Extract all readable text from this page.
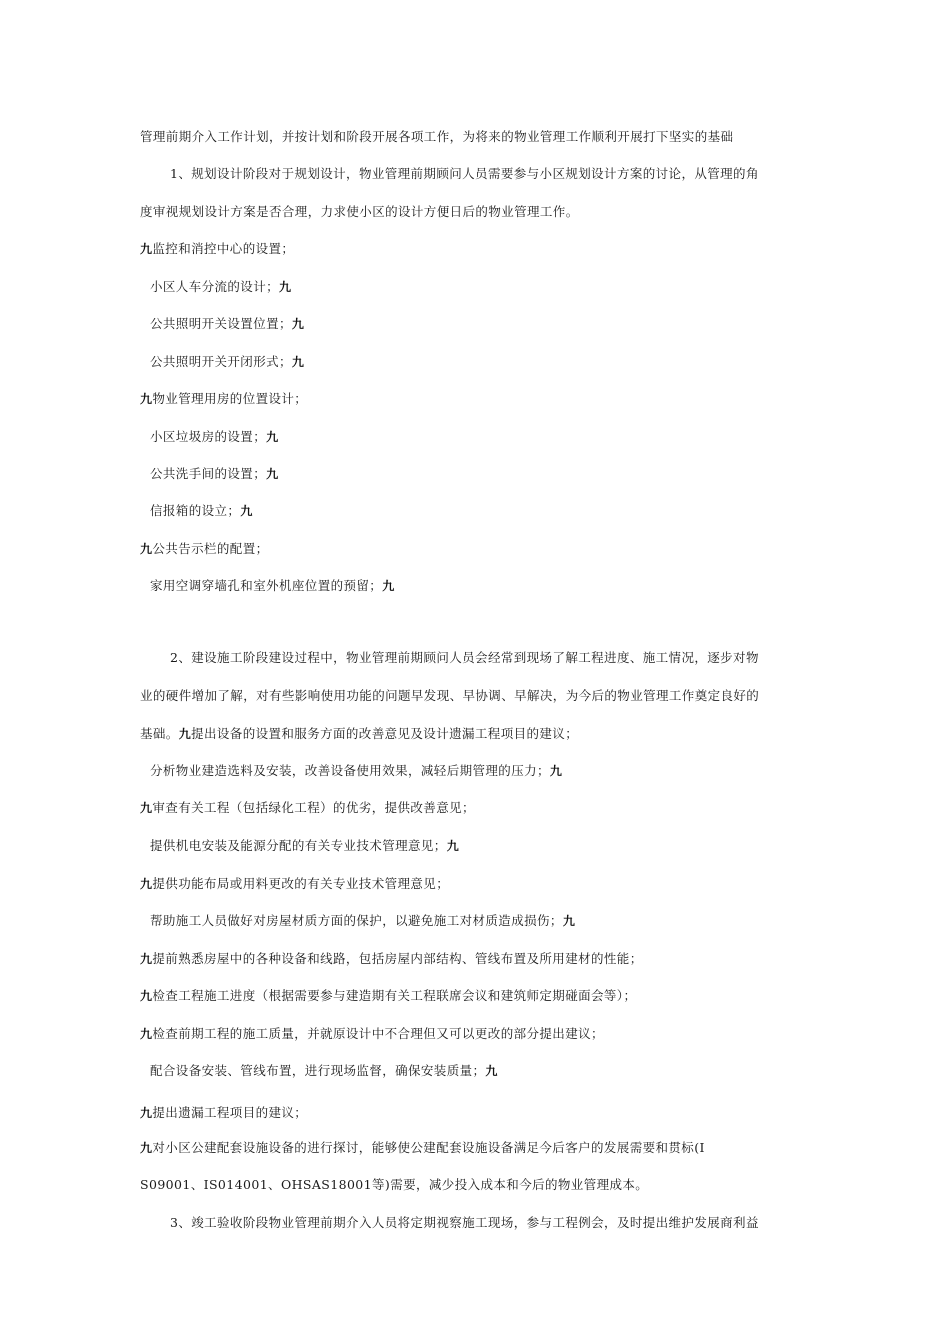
管理前期介入工作计划，并按计划和阶段开展各项工作，为将来的物业管理工作顺利开展打下坚实的基础
1、规划设计阶段对于规划设计，物业管理前期顾问人员需要参与小区规划设计方案的讨论，从管理的角
度审视规划设计方案是否合理，力求使小区的设计方便日后的物业管理工作。
九监控和消控中心的设置；
小区人车分流的设计；九
公共照明开关设置位置；九
公共照明开关开闭形式；九
九物业管理用房的位置设计；
小区垃圾房的设置；九
公共洗手间的设置；九
信报箱的设立；九
九公共告示栏的配置；
家用空调穿墙孔和室外机座位置的预留；九
2、建设施工阶段建设过程中，物业管理前期顾问人员会经常到现场了解工程进度、施工情况，逐步对物
业的硬件增加了解，对有些影响使用功能的问题早发现、早协调、早解决，为今后的物业管理工作奠定良好的
基础。九提出设备的设置和服务方面的改善意见及设计遗漏工程项目的建议；
分析物业建造选料及安装，改善设备使用效果，减轻后期管理的压力；九
九审查有关工程（包括绿化工程）的优劣，提供改善意见；
提供机电安装及能源分配的有关专业技术管理意见；九
九提供功能布局或用料更改的有关专业技术管理意见；
帮助施工人员做好对房屋材质方面的保护，以避免施工对材质造成损伤；九
九提前熟悉房屋中的各种设备和线路，包括房屋内部结构、管线布置及所用建材的性能；
九检查工程施工进度（根据需要参与建造期有关工程联席会议和建筑师定期碰面会等）；
九检查前期工程的施工质量，并就原设计中不合理但又可以更改的部分提出建议；
配合设备安装、管线布置，进行现场监督，确保安装质量；九
九提出遗漏工程项目的建议；
九对小区公建配套设施设备的进行探讨，能够使公建配套设施设备满足今后客户的发展需要和贯标(I
S09001、IS014001、OHSAS18001等)需要，减少投入成本和今后的物业管理成本。
3、竣工验收阶段物业管理前期介入人员将定期视察施工现场，参与工程例会，及时提出维护发展商利益
